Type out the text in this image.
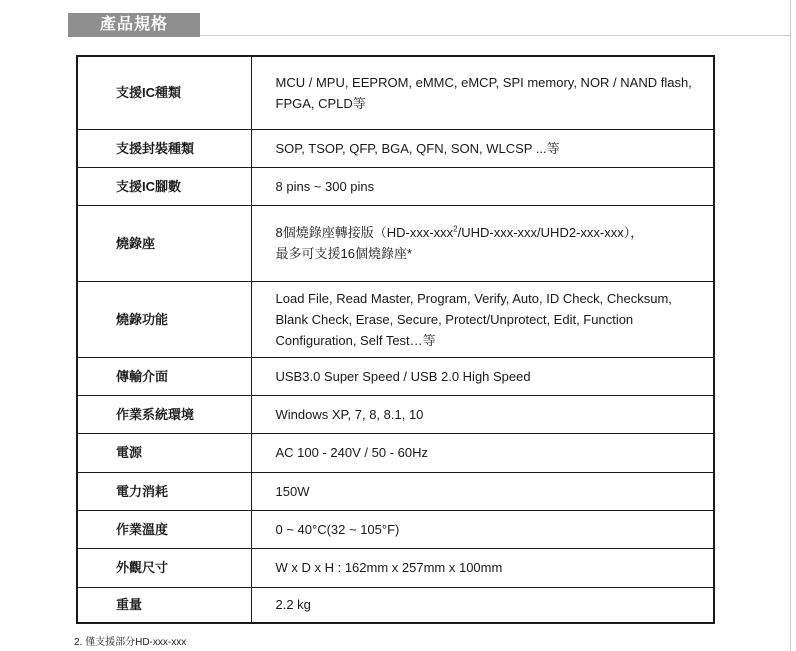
產品規格
支援IC種類	MCU / MPU, EEPROM, eMMC, eMCP, SPI memory, NOR / NAND flash,
FPGA, CPLD等

支援封裝種類	SOP, TSOP, QFP, BGA, QFN, SON, WLCSP ...等

支援IC腳數	8 pins ~ 300 pins

燒錄座	8個燒錄座轉接版（HD-xxx-xxx$^2$/UHD-xxx-xxx/UHD2-xxx-xxx），
最多可支援16個燒錄座*

燒錄功能	Load File, Read Master, Program, Verify, Auto, ID Check, Checksum,
Blank Check, Erase, Secure, Protect/Unprotect, Edit, Function
Configuration, Self Test…等

傳輸介面	USB3.0 Super Speed / USB 2.0 High Speed

作業系統環境	Windows XP, 7, 8, 8.1, 10

電源	AC 100 - 240V / 50 - 60Hz

電力消耗	150W

作業溫度	0 ~ 40°C(32 ~ 105°F)

外觀尺寸	W x D x H : 162mm x 257mm x 100mm

重量	2.2 kg
2. 僅支援部分HD-xxx-xxx
